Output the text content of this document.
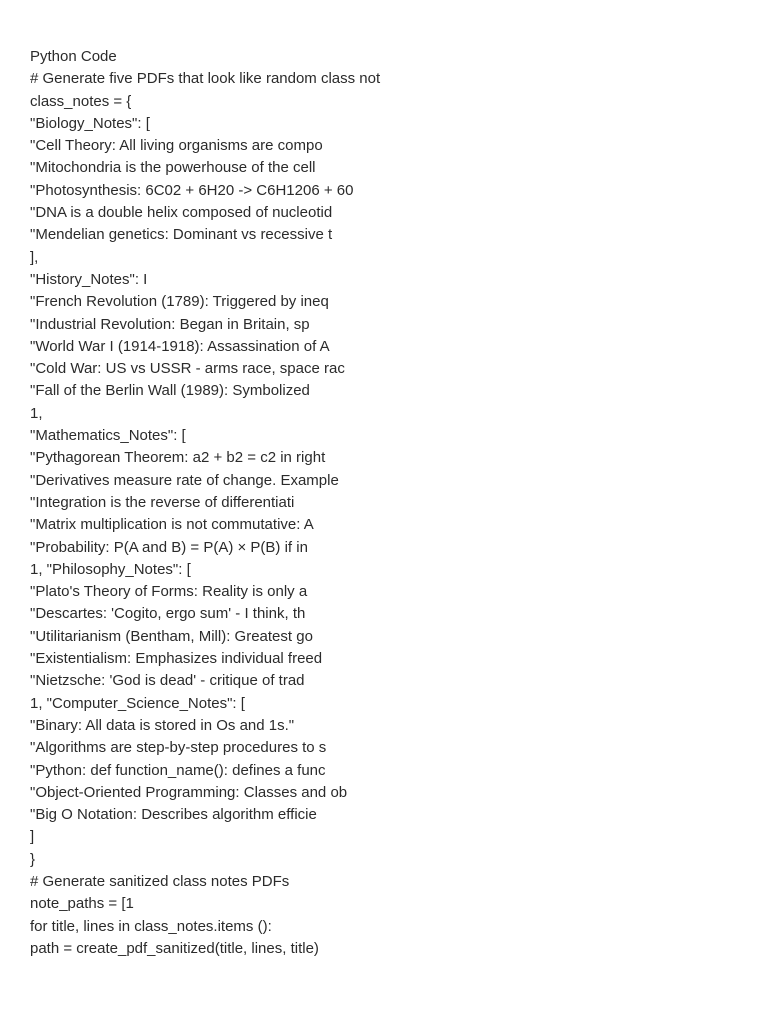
Python Code
# Generate five PDFs that look like random class not
class_notes = {
"Biology_Notes": [
"Cell Theory: All living organisms are compo
"Mitochondria is the powerhouse of the cell
"Photosynthesis: 6C02 + 6H20 -> C6H1206 + 60
"DNA is a double helix composed of nucleotid
"Mendelian genetics: Dominant vs recessive t
],
"History_Notes": I
"French Revolution (1789): Triggered by ineq
"Industrial Revolution: Began in Britain, sp
"World War I (1914-1918): Assassination of A
"Cold War: US vs USSR - arms race, space rac
"Fall of the Berlin Wall (1989): Symbolized
1,
"Mathematics_Notes": [
"Pythagorean Theorem: a2 + b2 = c2 in right
"Derivatives measure rate of change. Example
"Integration is the reverse of differentiati
"Matrix multiplication is not commutative: A
"Probability: P(A and B) = P(A) × P(B) if in
1, "Philosophy_Notes": [
"Plato's Theory of Forms: Reality is only a
"Descartes: 'Cogito, ergo sum' - I think, th
"Utilitarianism (Bentham, Mill): Greatest go
"Existentialism: Emphasizes individual freed
"Nietzsche: 'God is dead' - critique of trad
1, "Computer_Science_Notes": [
"Binary: All data is stored in Os and 1s."
"Algorithms are step-by-step procedures to s
"Python: def function_name(): defines a func
"Object-Oriented Programming: Classes and ob
"Big O Notation: Describes algorithm efficie
]
}
# Generate sanitized class notes PDFs
note_paths = [1
for title, lines in class_notes.items ():
path = create_pdf_sanitized(title, lines, title)
